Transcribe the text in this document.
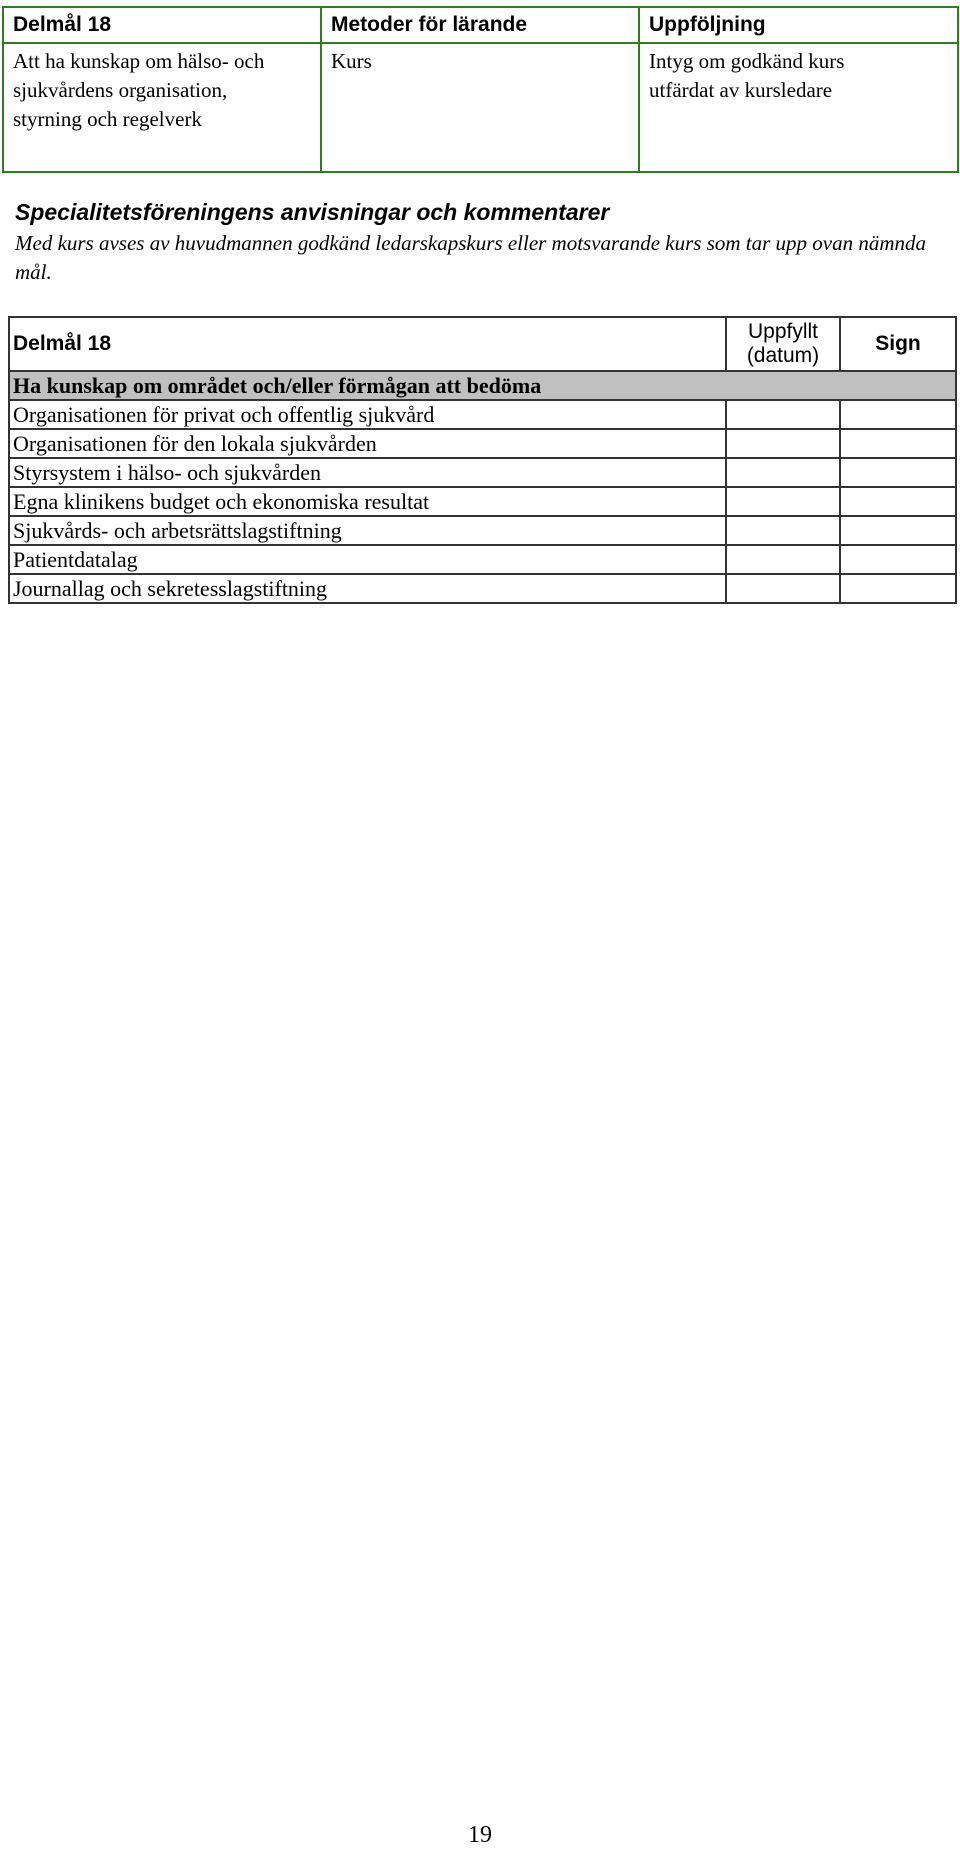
Delmål 18	Metoder för lärande	Uppföljning

Att ha kunskap om hälso- och sjukvårdens organisation, styrning och regelverk	Kurs	Intyg om godkänd kurs utfärdat av kursledare
Specialitetsföreningens anvisningar och kommentarer

Med kurs avses av huvudmannen godkänd ledarskapskurs eller motsvarande kurs som tar upp ovan nämnda mål.

Delmål 18	Uppfyllt (datum)	Sign
Ha kunskap om området och/eller förmågan att bedöma		
Organisationen för privat och offentlig sjukvård		
Organisationen för den lokala sjukvården		
Styrsystem i hälso- och sjukvården		
Egna klinikens budget och ekonomiska resultat		
Sjukvårds- och arbetsrättslagstiftning		
Patientdatalag		
Journallag och sekretesslagstiftning		
19
